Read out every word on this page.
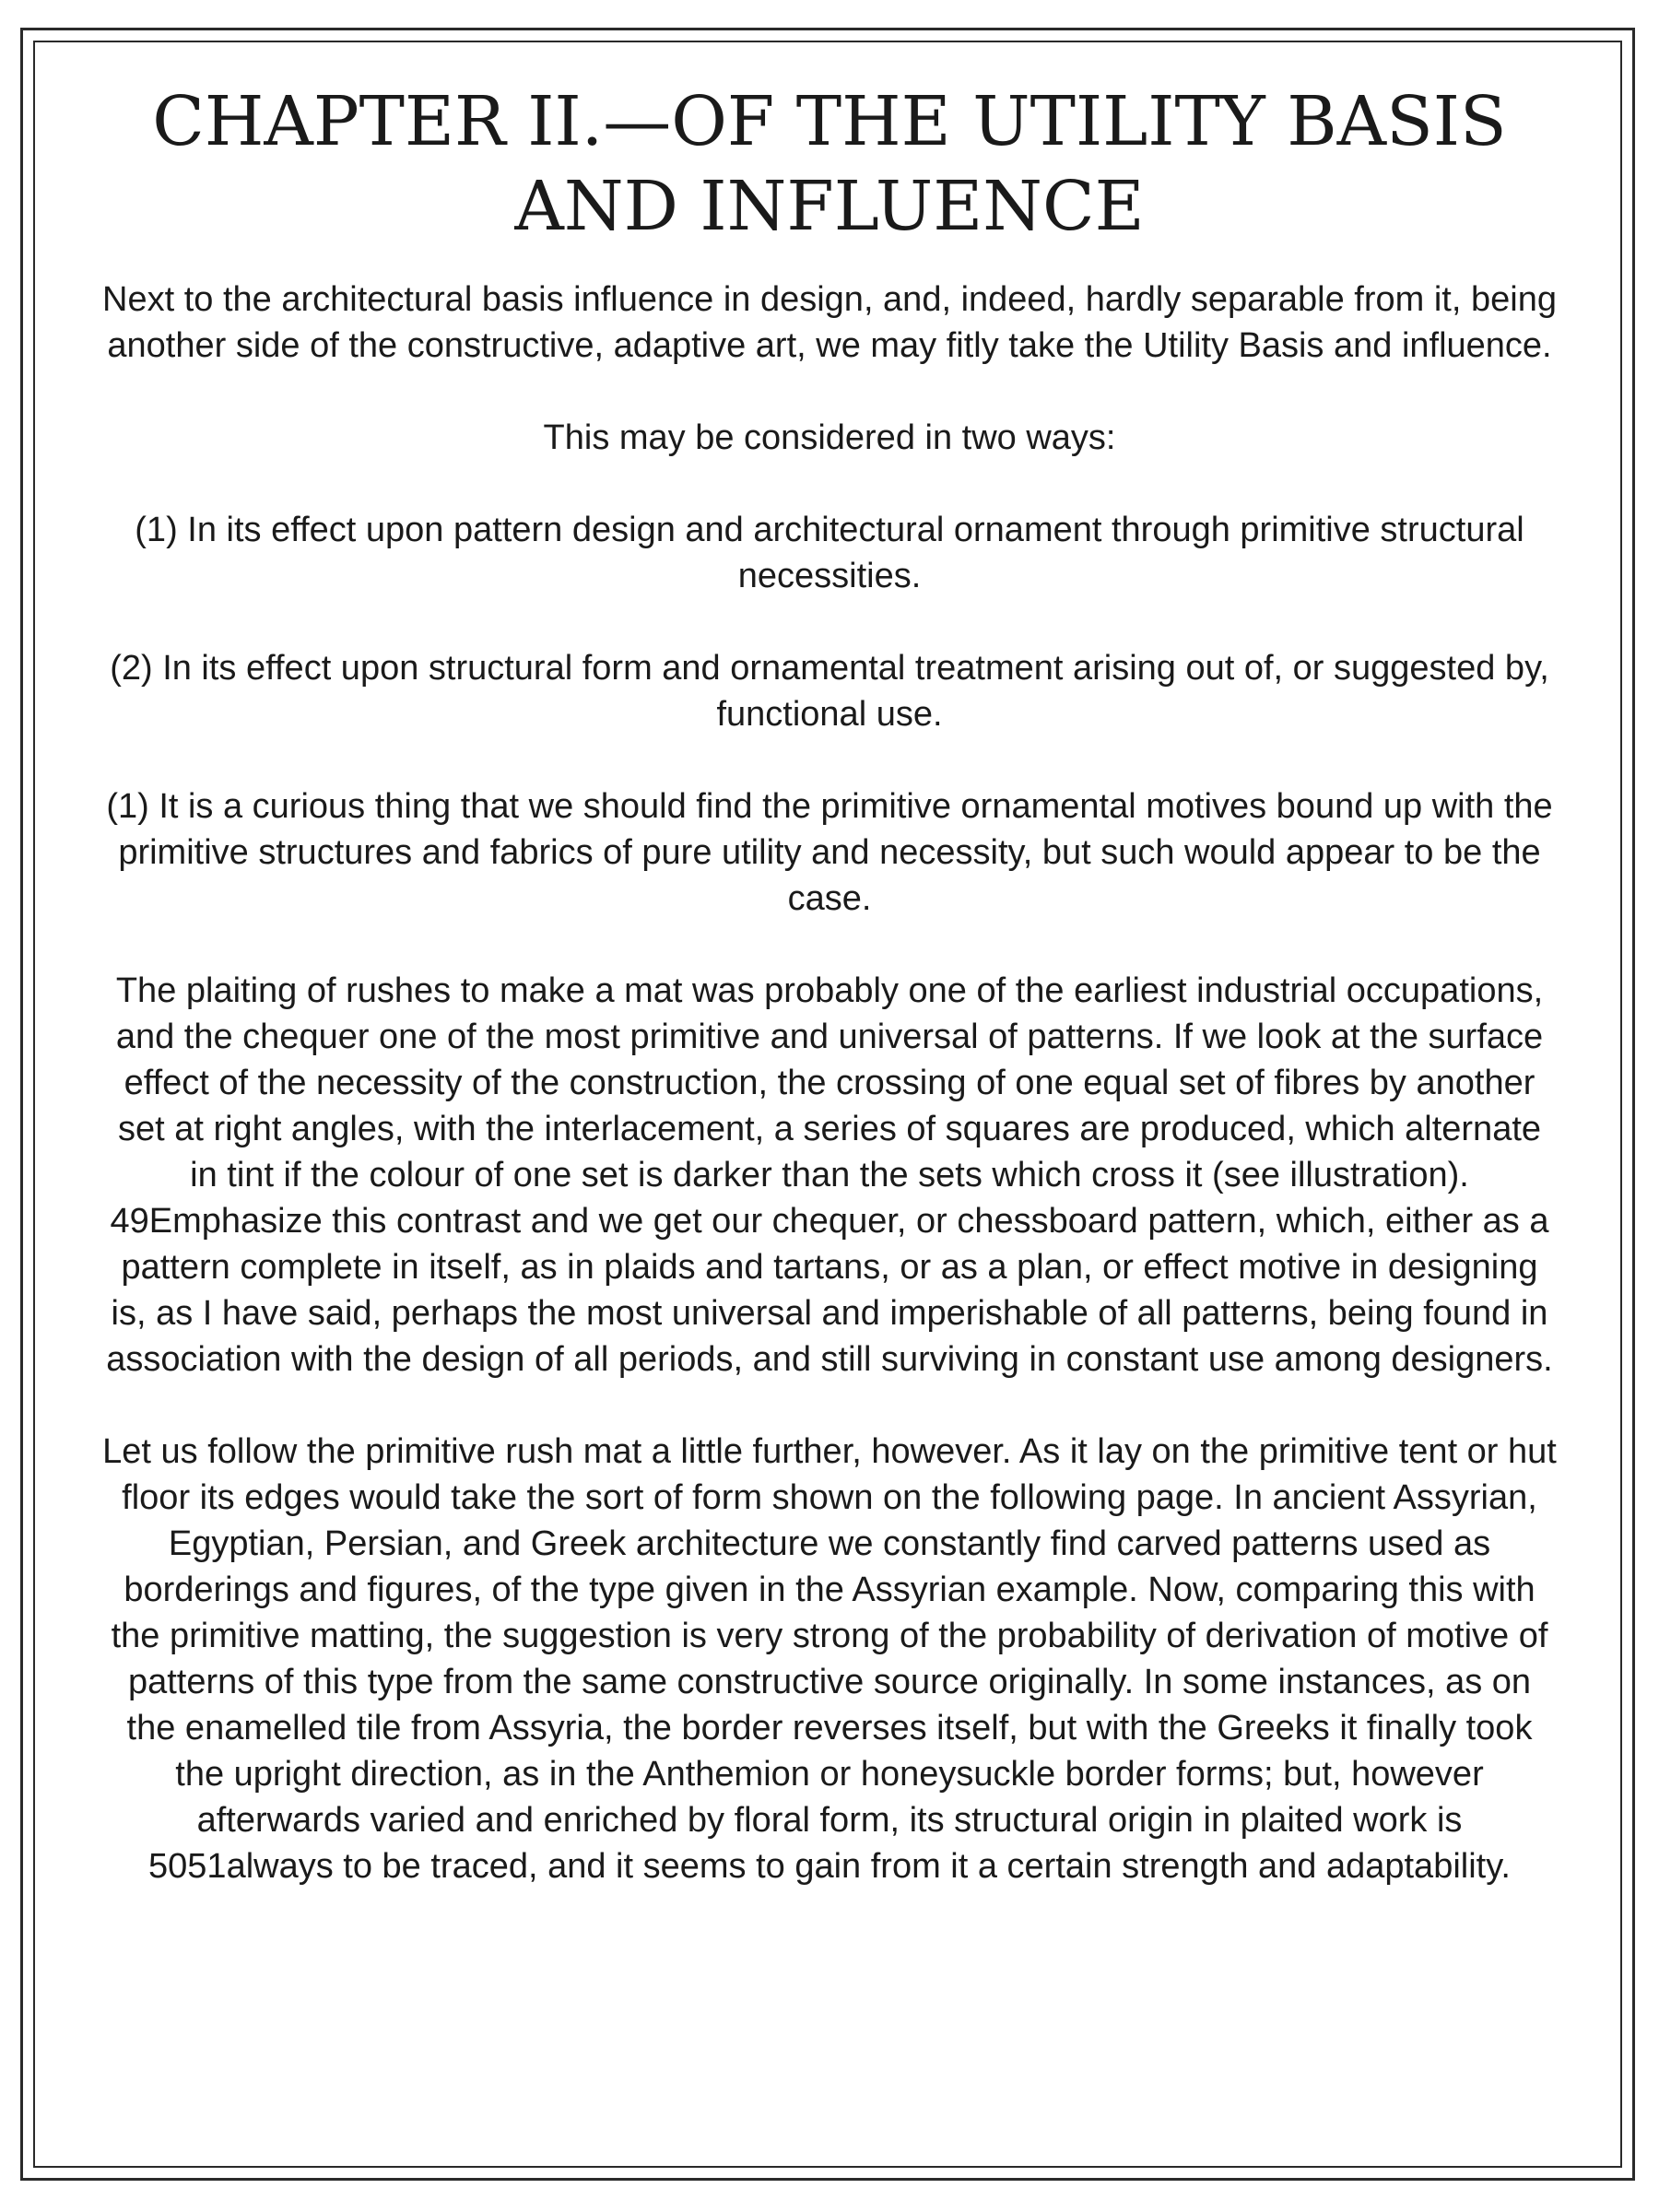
CHAPTER II.—OF THE UTILITY BASIS
AND INFLUENCE

Next to the architectural basis influence in design, and, indeed, hardly separable from it, being another side of the constructive, adaptive art, we may fitly take the Utility Basis and influence.

This may be considered in two ways:

(1) In its effect upon pattern design and architectural ornament through primitive structural necessities.

(2) In its effect upon structural form and ornamental treatment arising out of, or suggested by, functional use.

(1) It is a curious thing that we should find the primitive ornamental motives bound up with the primitive structures and fabrics of pure utility and necessity, but such would appear to be the case.

The plaiting of rushes to make a mat was probably one of the earliest industrial occupations, and the chequer one of the most primitive and universal of patterns. If we look at the surface effect of the necessity of the construction, the crossing of one equal set of fibres by another set at right angles, with the interlacement, a series of squares are produced, which alternate in tint if the colour of one set is darker than the sets which cross it (see illustration). 49Emphasize this contrast and we get our chequer, or chessboard pattern, which, either as a pattern complete in itself, as in plaids and tartans, or as a plan, or effect motive in designing is, as I have said, perhaps the most universal and imperishable of all patterns, being found in association with the design of all periods, and still surviving in constant use among designers.

Let us follow the primitive rush mat a little further, however. As it lay on the primitive tent or hut floor its edges would take the sort of form shown on the following page. In ancient Assyrian, Egyptian, Persian, and Greek architecture we constantly find carved patterns used as borderings and figures, of the type given in the Assyrian example. Now, comparing this with the primitive matting, the suggestion is very strong of the probability of derivation of motive of patterns of this type from the same constructive source originally. In some instances, as on the enamelled tile from Assyria, the border reverses itself, but with the Greeks it finally took the upright direction, as in the Anthemion or honeysuckle border forms; but, however afterwards varied and enriched by floral form, its structural origin in plaited work is 5051always to be traced, and it seems to gain from it a certain strength and adaptability.
